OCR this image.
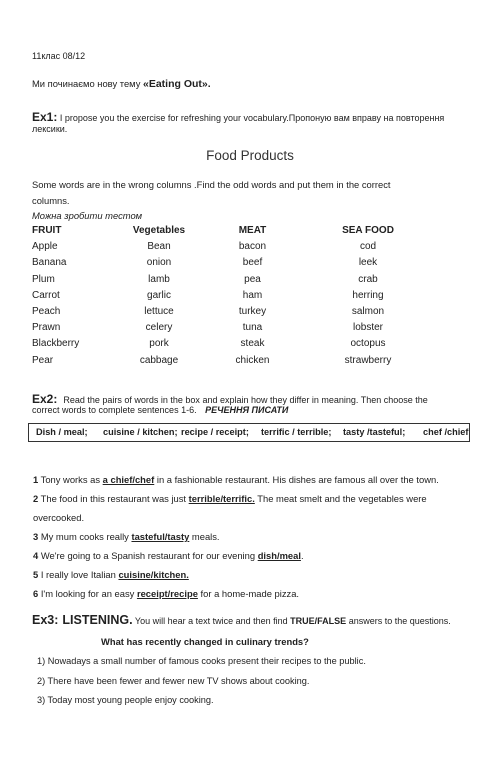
11клас 08/12
Ми починаємо нову тему «Eating Out».
Ex1: I propose you the exercise for refreshing your vocabulary.Пропоную вам вправу на повторення
лексики.
Food Products
Some words are in the wrong columns .Find the odd words and put them in the correct
columns.
Можна зробити тестом
FRUIT
Apple
Banana
Plum
Carrot
Peach
Prawn
Blackberry
Pear
Vegetables
Bean
onion
lamb
garlic
lettuce
celery
pork
cabbage
MEAT
bacon
beef
pea
ham
turkey
tuna
steak
chicken
SEA FOOD
cod
leek
crab
herring
salmon
lobster
octopus
strawberry
Ex2: Read the pairs of words in the box and explain how they differ in meaning. Then choose the
correct words to complete sentences 1-6. РЕЧЕННЯ ПИСАТИ
Dish / meal; cuisine / kitchen; recipe / receipt; terrific / terrible; tasty /tasteful; chef /chief
1 Tony works as a chief/chef in a fashionable restaurant. His dishes are famous all over the town.
2 The food in this restaurant was just terrible/terrific. The meat smelt and the vegetables were
overcooked.
3 My mum cooks really tasteful/tasty meals.
4 We're going to a Spanish restaurant for our evening dish/meal.
5 I really love Italian cuisine/kitchen.
6 I'm looking for an easy receipt/recipe for a home-made pizza.
Ex3: LISTENING. You will hear a text twice and then find TRUE/FALSE answers to the questions.
What has recently changed in culinary trends?
1) Nowadays a small number of famous cooks present their recipes to the public.
2) There have been fewer and fewer new TV shows about cooking.
3) Today most young people enjoy cooking.
